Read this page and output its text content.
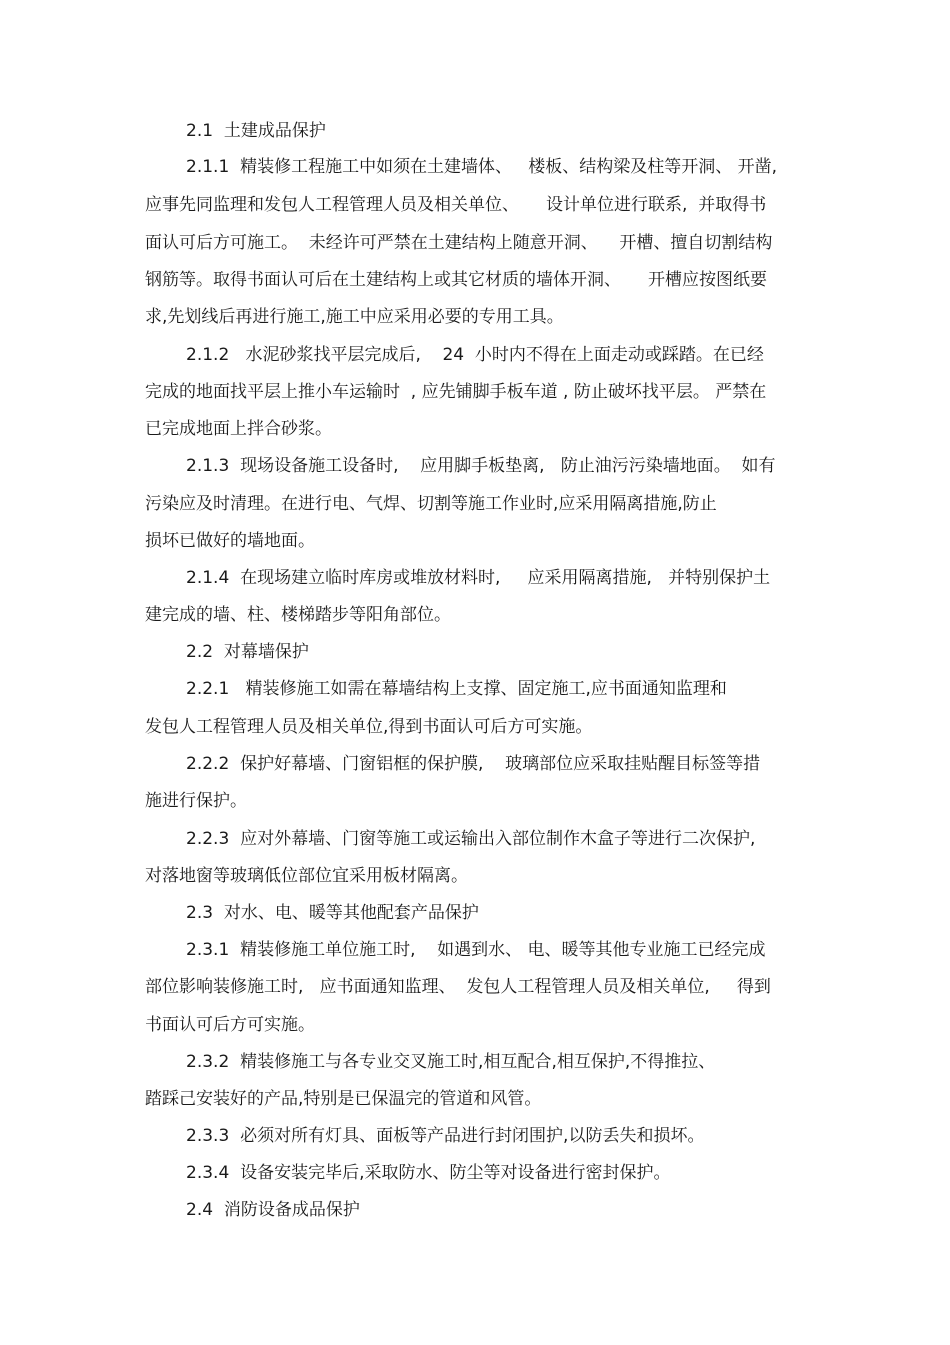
2.1  土建成品保护
2.1.1  精装修工程施工中如须在土建墙体、   楼板、结构梁及柱等开洞、 开凿,
应事先同监理和发包人工程管理人员及相关单位、     设计单位进行联系,  并取得书
面认可后方可施工。  未经许可严禁在土建结构上随意开洞、    开槽、擅自切割结构
钢筋等。取得书面认可后在土建结构上或其它材质的墙体开洞、     开槽应按图纸要
求,先划线后再进行施工,施工中应采用必要的专用工具。
2.1.2   水泥砂浆找平层完成后,    24  小时内不得在上面走动或踩踏。在已经
完成的地面找平层上推小车运输时  , 应先铺脚手板车道 , 防止破坏找平层。 严禁在
已完成地面上拌合砂浆。
2.1.3  现场设备施工设备时,    应用脚手板垫离,   防止油污污染墙地面。  如有
污染应及时清理。在进行电、气焊、切割等施工作业时,应采用隔离措施,防止
损坏已做好的墙地面。
2.1.4  在现场建立临时库房或堆放材料时,     应采用隔离措施,   并特别保护土
建完成的墙、柱、楼梯踏步等阳角部位。
2.2  对幕墙保护
2.2.1   精装修施工如需在幕墙结构上支撑、固定施工,应书面通知监理和
发包人工程管理人员及相关单位,得到书面认可后方可实施。
2.2.2  保护好幕墙、门窗铝框的保护膜,    玻璃部位应采取挂贴醒目标签等措
施进行保护。
2.2.3  应对外幕墙、门窗等施工或运输出入部位制作木盒子等进行二次保护,
对落地窗等玻璃低位部位宜采用板材隔离。
2.3  对水、电、暖等其他配套产品保护
2.3.1  精装修施工单位施工时,    如遇到水、 电、暖等其他专业施工已经完成
部位影响装修施工时,   应书面通知监理、  发包人工程管理人员及相关单位,     得到
书面认可后方可实施。
2.3.2  精装修施工与各专业交叉施工时,相互配合,相互保护,不得推拉、
踏踩己安装好的产品,特别是已保温完的管道和风管。
2.3.3  必须对所有灯具、面板等产品进行封闭围护,以防丢失和损坏。
2.3.4  设备安装完毕后,采取防水、防尘等对设备进行密封保护。
2.4  消防设备成品保护
